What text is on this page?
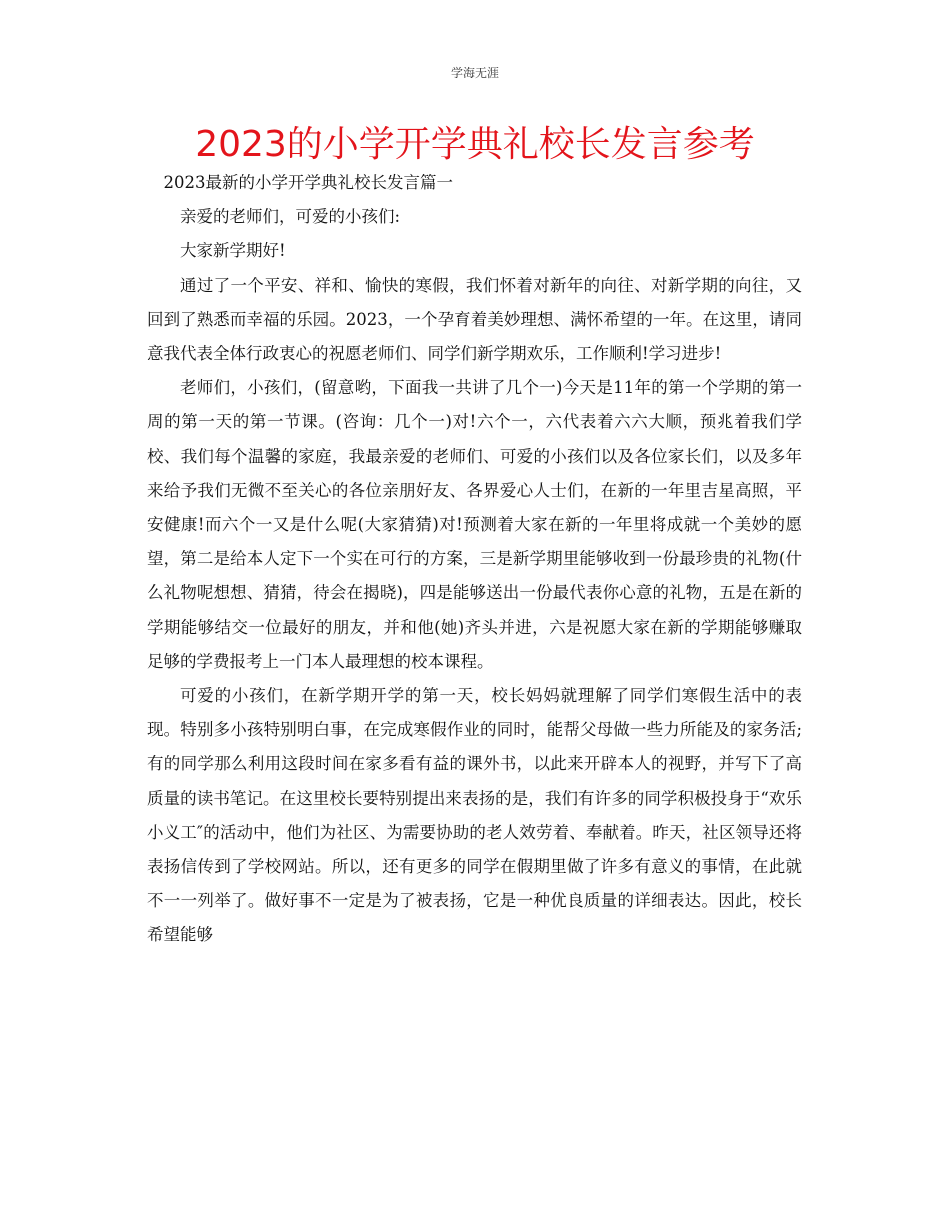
学海无涯
2023的小学开学典礼校长发言参考

2023最新的小学开学典礼校长发言篇一

亲爱的老师们，可爱的小孩们:

大家新学期好!

通过了一个平安、祥和、愉快的寒假，我们怀着对新年的向往、对新学期的向往，又回到了熟悉而幸福的乐园。2023，一个孕育着美妙理想、满怀希望的一年。在这里，请同意我代表全体行政衷心的祝愿老师们、同学们新学期欢乐，工作顺利!学习进步!

老师们，小孩们，(留意哟，下面我一共讲了几个一)今天是11年的第一个学期的第一周的第一天的第一节课。(咨询：几个一)对!六个一，六代表着六六大顺，预兆着我们学校、我们每个温馨的家庭，我最亲爱的老师们、可爱的小孩们以及各位家长们，以及多年来给予我们无微不至关心的各位亲朋好友、各界爱心人士们，在新的一年里吉星高照，平安健康!而六个一又是什么呢(大家猜猜)对!预测着大家在新的一年里将成就一个美妙的愿望，第二是给本人定下一个实在可行的方案，三是新学期里能够收到一份最珍贵的礼物(什么礼物呢想想、猜猜，待会在揭晓)，四是能够送出一份最代表你心意的礼物，五是在新的学期能够结交一位最好的朋友，并和他(她)齐头并进，六是祝愿大家在新的学期能够赚取足够的学费报考上一门本人最理想的校本课程。

可爱的小孩们，在新学期开学的第一天，校长妈妈就理解了同学们寒假生活中的表现。特别多小孩特别明白事，在完成寒假作业的同时，能帮父母做一些力所能及的家务活;有的同学那么利用这段时间在家多看有益的课外书，以此来开辟本人的视野，并写下了高质量的读书笔记。在这里校长要特别提出来表扬的是，我们有许多的同学积极投身于“欢乐小义工″的活动中，他们为社区、为需要协助的老人效劳着、奉献着。昨天，社区领导还将表扬信传到了学校网站。所以，还有更多的同学在假期里做了许多有意义的事情，在此就不一一列举了。做好事不一定是为了被表扬，它是一种优良质量的详细表达。因此，校长希望能够
